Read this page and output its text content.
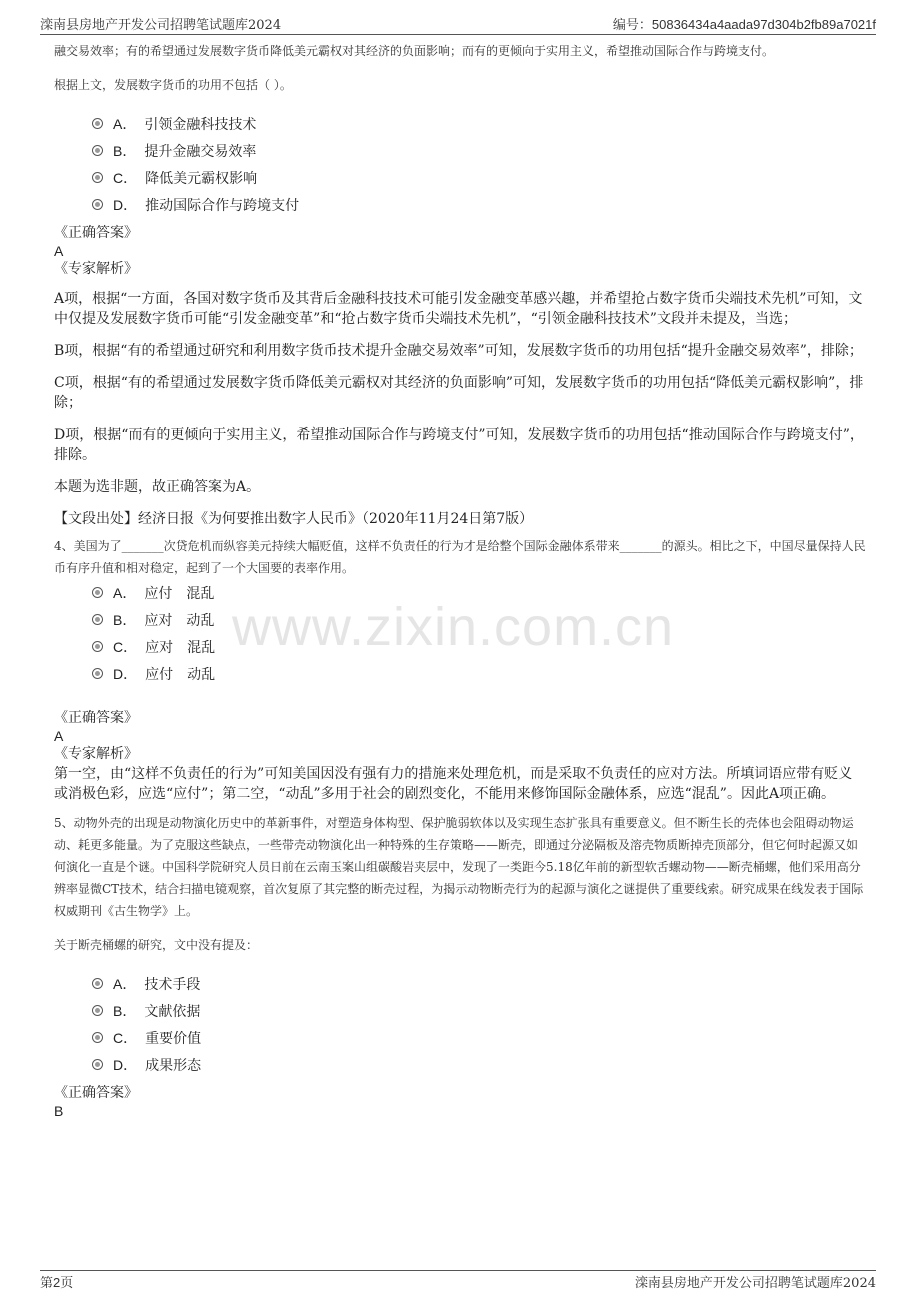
滦南县房地产开发公司招聘笔试题库2024	编号：50836434a4aada97d304b2fb89a7021f
www.zixin.com.cn

融交易效率；有的希望通过发展数字货币降低美元霸权对其经济的负面影响；而有的更倾向于实用主义，希望推动国际合作与跨境支付。

根据上文，发展数字货币的功用不包括（ ）。

A． 引领金融科技技术
B． 提升金融交易效率
C． 降低美元霸权影响
D． 推动国际合作与跨境支付

《正确答案》

A

《专家解析》

A项，根据“一方面，各国对数字货币及其背后金融科技技术可能引发金融变革感兴趣，并希望抢占数字货币尖端技术先机”可知，文中仅提及发展数字货币可能“引发金融变革”和“抢占数字货币尖端技术先机”，“引领金融科技技术”文段并未提及，当选；

B项，根据“有的希望通过研究和利用数字货币技术提升金融交易效率”可知，发展数字货币的功用包括“提升金融交易效率”，排除；

C项，根据“有的希望通过发展数字货币降低美元霸权对其经济的负面影响”可知，发展数字货币的功用包括“降低美元霸权影响”，排除；

D项，根据“而有的更倾向于实用主义，希望推动国际合作与跨境支付”可知，发展数字货币的功用包括“推动国际合作与跨境支付”，排除。

本题为选非题，故正确答案为A。

【文段出处】经济日报《为何要推出数字人民币》（2020年11月24日第7版）

4、美国为了_______次贷危机而纵容美元持续大幅贬值，这样不负责任的行为才是给整个国际金融体系带来_______的源头。相比之下，中国尽量保持人民币有序升值和相对稳定，起到了一个大国要的表率作用。

A． 应付　混乱
B． 应对　动乱
C． 应对　混乱
D． 应付　动乱

《正确答案》

A

《专家解析》

第一空，由“这样不负责任的行为”可知美国因没有强有力的措施来处理危机，而是采取不负责任的应对方法。所填词语应带有贬义或消极色彩，应选“应付”；第二空，“动乱”多用于社会的剧烈变化，不能用来修饰国际金融体系，应选“混乱”。因此A项正确。

5、动物外壳的出现是动物演化历史中的革新事件，对塑造身体构型、保护脆弱软体以及实现生态扩张具有重要意义。但不断生长的壳体也会阻碍动物运动、耗更多能量。为了克服这些缺点，一些带壳动物演化出一种特殊的生存策略——断壳，即通过分泌隔板及溶壳物质断掉壳顶部分，但它何时起源又如何演化一直是个谜。中国科学院研究人员日前在云南玉案山组碳酸岩夹层中，发现了一类距今5.18亿年前的新型软舌螺动物——断壳桶螺，他们采用高分辨率显微CT技术，结合扫描电镜观察，首次复原了其完整的断壳过程，为揭示动物断壳行为的起源与演化之谜提供了重要线索。研究成果在线发表于国际权威期刊《古生物学》上。

关于断壳桶螺的研究，文中没有提及：

A． 技术手段
B． 文献依据
C． 重要价值
D． 成果形态

《正确答案》

B

第2页	滦南县房地产开发公司招聘笔试题库2024
